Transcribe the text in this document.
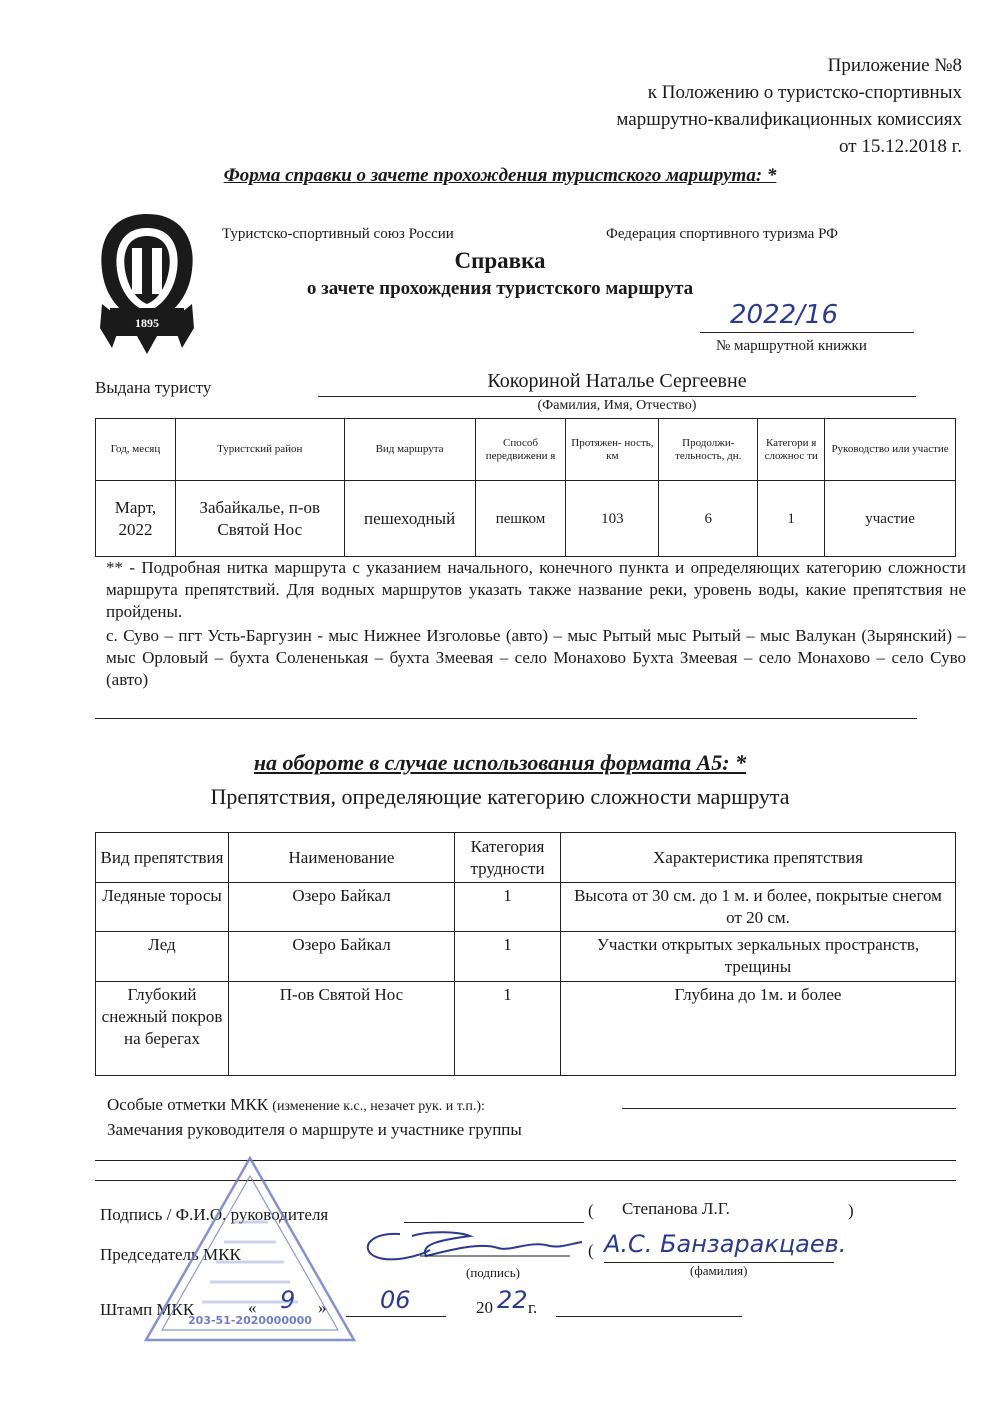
Приложение №8
к Положению о туристско-спортивных
маршрутно-квалификационных комиссиях
от 15.12.2018 г.
Форма справки о зачете прохождения туристского маршрута: *
1895
Туристско-спортивный союз России	Федерация спортивного туризма РФ
Справка
о зачете прохождения туристского маршрута
2022/16
№ маршрутной книжки
Выдана туристу	Кокориной Наталье Сергеевне
(Фамилия, Имя, Отчество)
Год, месяц	Туристский район	Вид маршрута	Способ передвижени я	Протяжен- ность, км	Продолжи- тельность, дн.	Категори я сложнос ти	Руководство или участие
Март, 2022	Забайкалье, п-ов Святой Нос	пешеходный	пешком	103	6	1	участие
** - Подробная нитка маршрута с указанием начального, конечного пункта и определяющих категорию сложности маршрута препятствий. Для водных маршрутов указать также название реки, уровень воды, какие препятствия не пройдены.
с. Суво – пгт Усть-Баргузин - мыс Нижнее Изголовье (авто) – мыс Рытый мыс Рытый – мыс Валукан (Зырянский) – мыс Орловый – бухта Солененькая – бухта Змеевая – село Монахово Бухта Змеевая – село Монахово – село Суво (авто)
на обороте в случае использования формата А5: *
Препятствия, определяющие категорию сложности маршрута
Вид препятствия	Наименование	Категория трудности	Характеристика препятствия
Ледяные торосы	Озеро Байкал	1	Высота от 30 см. до 1 м. и более, покрытые снегом от 20 см.
Лед	Озеро Байкал	1	Участки открытых зеркальных пространств, трещины
Глубокий снежный покров на берегах	П-ов Святой Нос	1	Глубина до 1м. и более
Особые отметки МКК (изменение к.с., незачет рук. и т.п.):
Замечания руководителя о маршруте и участнике группы
Подпись / Ф.И.О. руководителя	( Степанова Л.Г.	)
Председатель МКК	( А.С. Банзаракцаев.
(подпись)	(фамилия)
Штамп МКК	« 9 » 06	20 22 г.
203-51-2020000000
